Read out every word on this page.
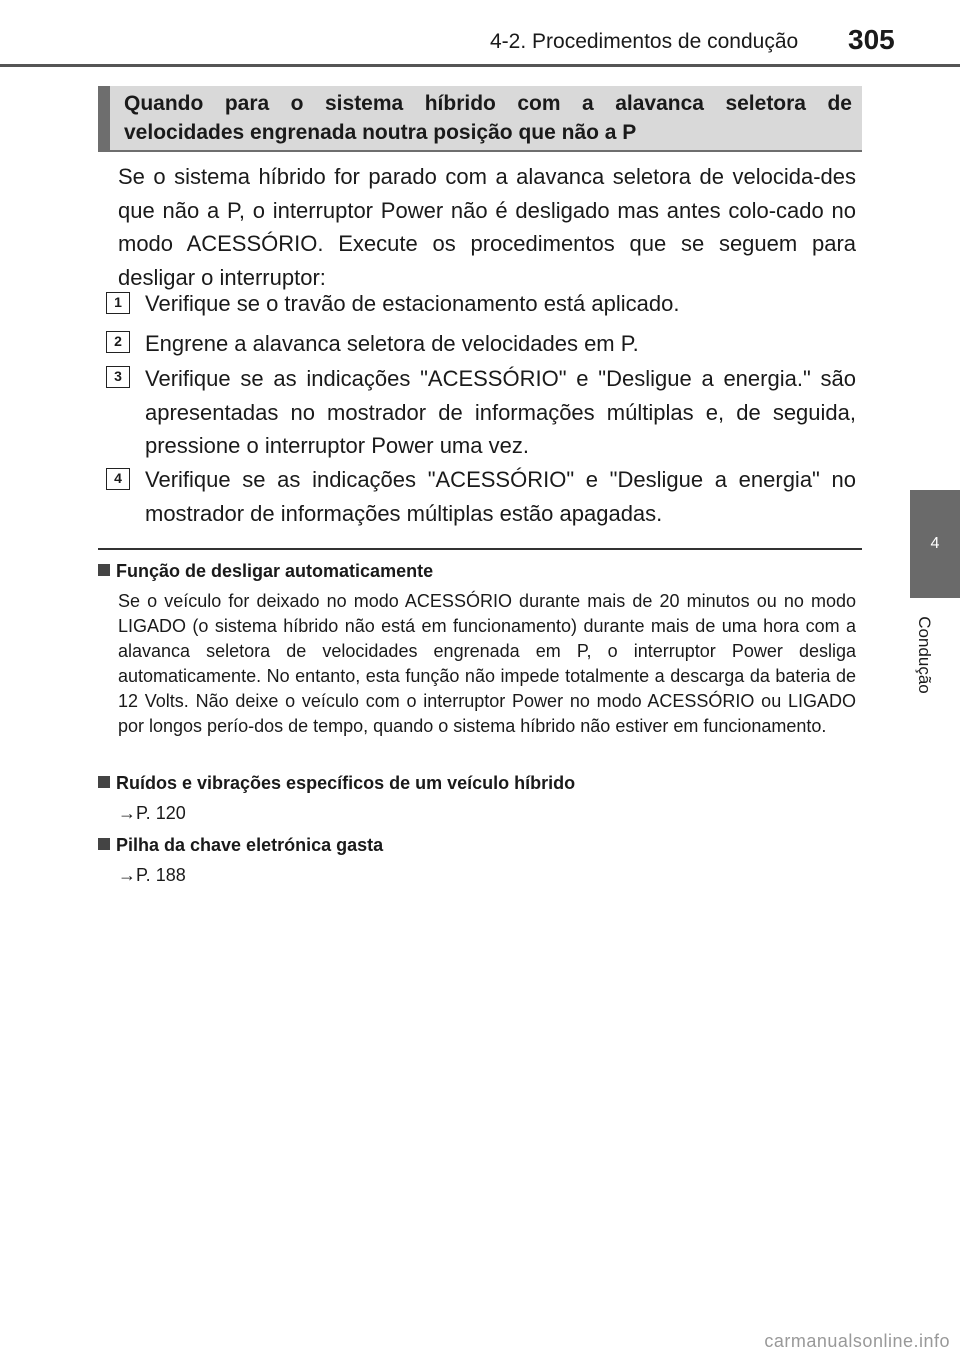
4-2. Procedimentos de condução 305
4
Condução
Quando para o sistema híbrido com a alavanca seletora de
velocidades engrenada noutra posição que não a P
Se o sistema híbrido for parado com a alavanca seletora de velocida-des que não a P, o interruptor Power não é desligado mas antes colo-cado no modo ACESSÓRIO. Execute os procedimentos que se seguem para desligar o interruptor:
1	Verifique se o travão de estacionamento está aplicado.
2	Engrene a alavanca seletora de velocidades em P.
3	Verifique se as indicações "ACESSÓRIO" e "Desligue a energia." são apresentadas no mostrador de informações múltiplas e, de seguida, pressione o interruptor Power uma vez.
4	Verifique se as indicações "ACESSÓRIO" e "Desligue a energia" no mostrador de informações múltiplas estão apagadas.
Função de desligar automaticamente
Se o veículo for deixado no modo ACESSÓRIO durante mais de 20 minutos ou no modo LIGADO (o sistema híbrido não está em funcionamento) durante mais de uma hora com a alavanca seletora de velocidades engrenada em P, o interruptor Power desliga automaticamente. No entanto, esta função não impede totalmente a descarga da bateria de 12 Volts. Não deixe o veículo com o interruptor Power no modo ACESSÓRIO ou LIGADO por longos perío-dos de tempo, quando o sistema híbrido não estiver em funcionamento.
Ruídos e vibrações específicos de um veículo híbrido
→P. 120
Pilha da chave eletrónica gasta
→P. 188
carmanualsonline.info
